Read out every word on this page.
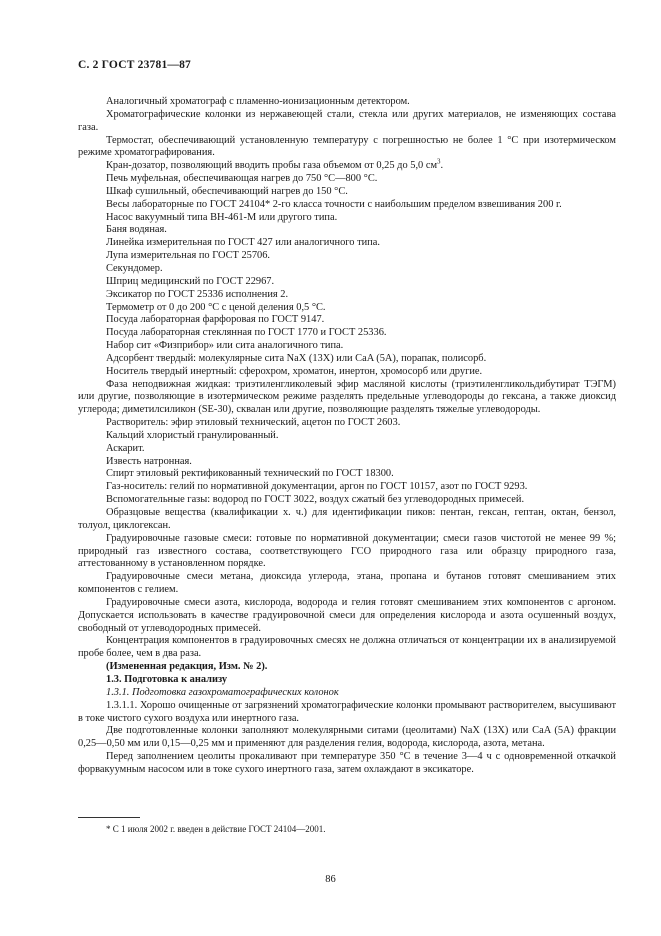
С. 2 ГОСТ 23781—87

Аналогичный хроматограф с пламенно-ионизационным детектором.

Хроматографические колонки из нержавеющей стали, стекла или других материалов, не изменяющих состава газа.

Термостат, обеспечивающий установленную температуру с погрешностью не более 1 °С при изотермическом режиме хроматографирования.

Кран-дозатор, позволяющий вводить пробы газа объемом от 0,25 до 5,0 $см^3$.

Печь муфельная, обеспечивающая нагрев до 750 °С—800 °С.

Шкаф сушильный, обеспечивающий нагрев до 150 °С.

Весы лабораторные по ГОСТ 24104* 2-го класса точности с наибольшим пределом взвешивания 200 г.

Насос вакуумный типа ВН-461-М или другого типа.

Баня водяная.

Линейка измерительная по ГОСТ 427 или аналогичного типа.

Лупа измерительная по ГОСТ 25706.

Секундомер.

Шприц медицинский по ГОСТ 22967.

Эксикатор по ГОСТ 25336 исполнения 2.

Термометр от 0 до 200 °С с ценой деления 0,5 °С.

Посуда лабораторная фарфоровая по ГОСТ 9147.

Посуда лабораторная стеклянная по ГОСТ 1770 и ГОСТ 25336.

Набор сит «Физприбор» или сита аналогичного типа.

Адсорбент твердый: молекулярные сита NaX (13X) или CaA (5A), порапак, полисорб.

Носитель твердый инертный: сферохром, хроматон, инертон, хромосорб или другие.

Фаза неподвижная жидкая: триэтиленгликолевый эфир масляной кислоты (триэтиленгликольдибутират ТЭГМ) или другие, позволяющие в изотермическом режиме разделять предельные углеводороды до гексана, а также диоксид углерода; диметилсиликон (SE-30), сквалан или другие, позволяющие разделять тяжелые углеводороды.

Растворитель: эфир этиловый технический, ацетон по ГОСТ 2603.

Кальций хлористый гранулированный.

Аскарит.

Известь натронная.

Спирт этиловый ректификованный технический по ГОСТ 18300.

Газ-носитель: гелий по нормативной документации, аргон по ГОСТ 10157, азот по ГОСТ 9293.

Вспомогательные газы: водород по ГОСТ 3022, воздух сжатый без углеводородных примесей.

Образцовые вещества (квалификации х. ч.) для идентификации пиков: пентан, гексан, гептан, октан, бензол, толуол, циклогексан.

Градуировочные газовые смеси: готовые по нормативной документации; смеси газов чистотой не менее 99 %; природный газ известного состава, соответствующего ГСО природного газа или образцу природного газа, аттестованному в установленном порядке.

Градуировочные смеси метана, диоксида углерода, этана, пропана и бутанов готовят смешиванием этих компонентов с гелием.

Градуировочные смеси азота, кислорода, водорода и гелия готовят смешиванием этих компонентов с аргоном. Допускается использовать в качестве градуировочной смеси для определения кислорода и азота осушенный воздух, свободный от углеводородных примесей.

Концентрация компонентов в градуировочных смесях не должна отличаться от концентрации их в анализируемой пробе более, чем в два раза.

(Измененная редакция, Изм. № 2).

1.3. Подготовка к анализу

1.3.1. Подготовка газохроматографических колонок

1.3.1.1. Хорошо очищенные от загрязнений хроматографические колонки промывают растворителем, высушивают в токе чистого сухого воздуха или инертного газа.

Две подготовленные колонки заполняют молекулярными ситами (цеолитами) NaX (13X) или CaA (5A) фракции 0,25—0,50 мм или 0,15—0,25 мм и применяют для разделения гелия, водорода, кислорода, азота, метана.

Перед заполнением цеолиты прокаливают при температуре 350 °С в течение 3—4 ч с одновременной откачкой форвакуумным насосом или в токе сухого инертного газа, затем охлаждают в эксикаторе.

* С 1 июля 2002 г. введен в действие ГОСТ 24104—2001.
86
